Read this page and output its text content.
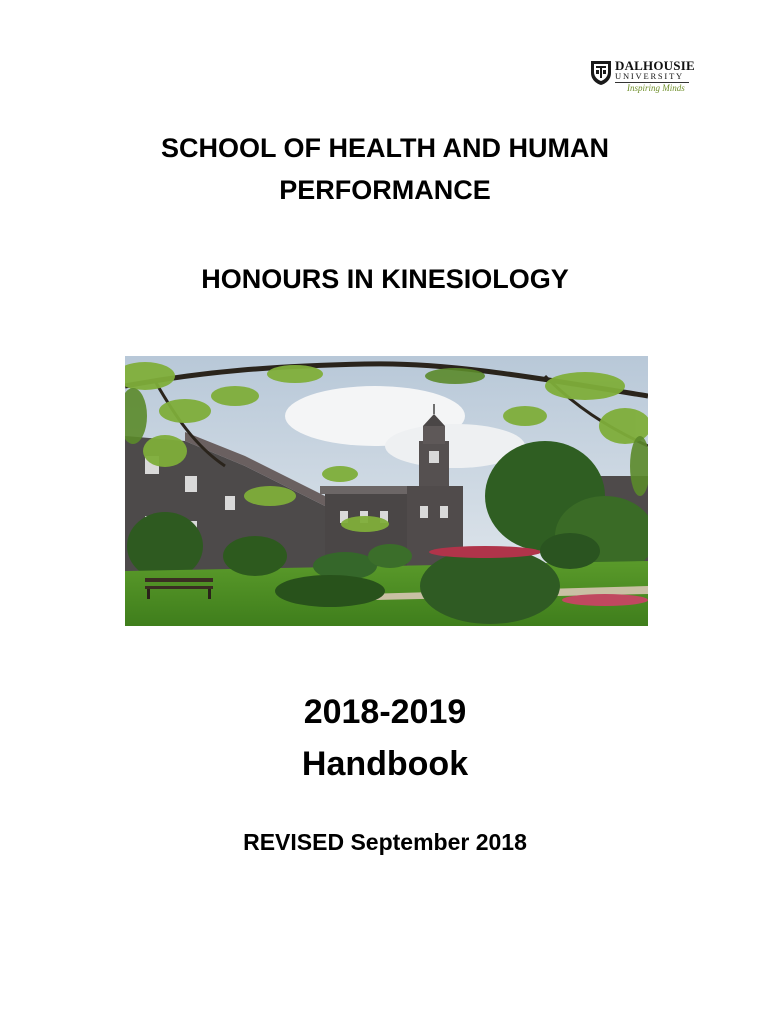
DALHOUSIE
UNIVERSITY
Inspiring Minds
SCHOOL OF HEALTH AND HUMAN
PERFORMANCE
HONOURS IN KINESIOLOGY
2018-2019
Handbook
REVISED September 2018
